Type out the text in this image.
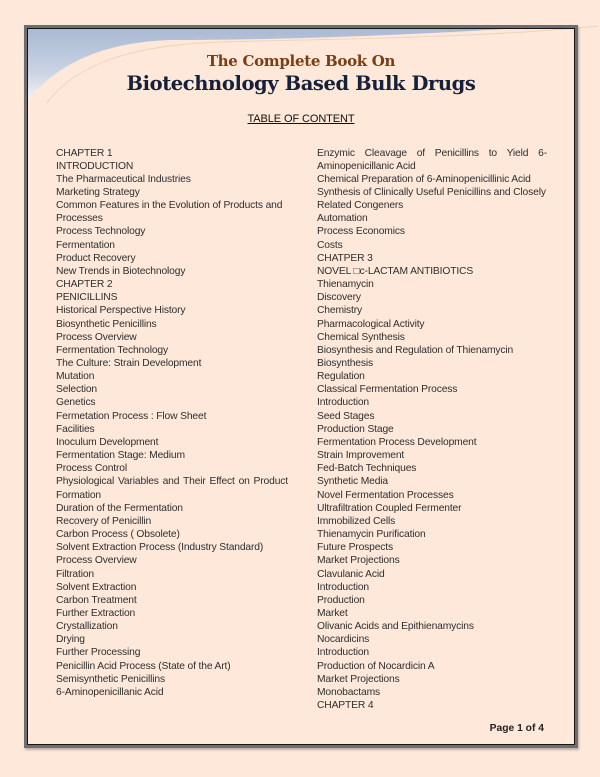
The Complete Book On

Biotechnology Based Bulk Drugs

TABLE OF CONTENT
CHAPTER 1
INTRODUCTION
The Pharmaceutical Industries
Marketing Strategy
Common Features in the Evolution of Products and Processes
Process Technology
Fermentation
Product Recovery
New Trends in Biotechnology
CHAPTER 2
PENICILLINS
Historical Perspective History
Biosynthetic Penicillins
Process Overview
Fermentation Technology
The Culture: Strain Development
Mutation
Selection
Genetics
Fermetation Process : Flow Sheet
Facilities
Inoculum Development
Fermentation Stage: Medium
Process Control
Physiological Variables and Their Effect on Product Formation
Duration of the Fermentation
Recovery of Penicillin
Carbon Process ( Obsolete)
Solvent Extraction Process (Industry Standard)
Process Overview
Filtration
Solvent Extraction
Carbon Treatment
Further Extraction
Crystallization
Drying
Further Processing
Penicillin Acid Process (State of the Art)
Semisynthetic Penicillins
6-Aminopenicillanic Acid
Enzymic Cleavage of Penicillins to Yield 6-Aminopenicillanic Acid
Chemical Preparation of 6-Aminopenicillinic Acid
Synthesis of Clinically Useful Penicillins and Closely Related Congeners
Automation
Process Economics
Costs
CHATPER 3
NOVEL □c-LACTAM ANTIBIOTICS
Thienamycin
Discovery
Chemistry
Pharmacological Activity
Chemical Synthesis
Biosynthesis and Regulation of Thienamycin
Biosynthesis
Regulation
Classical Fermentation Process
Introduction
Seed Stages
Production Stage
Fermentation Process Development
Strain Improvement
Fed-Batch Techniques
Synthetic Media
Novel Fermentation Processes
Ultrafiltration Coupled Fermenter
Immobilized Cells
Thienamycin Purification
Future Prospects
Market Projections
Clavulanic Acid
Introduction
Production
Market
Olivanic Acids and Epithienamycins
Nocardicins
Introduction
Production of Nocardicin A
Market Projections
Monobactams
CHAPTER 4
Page 1 of 4
